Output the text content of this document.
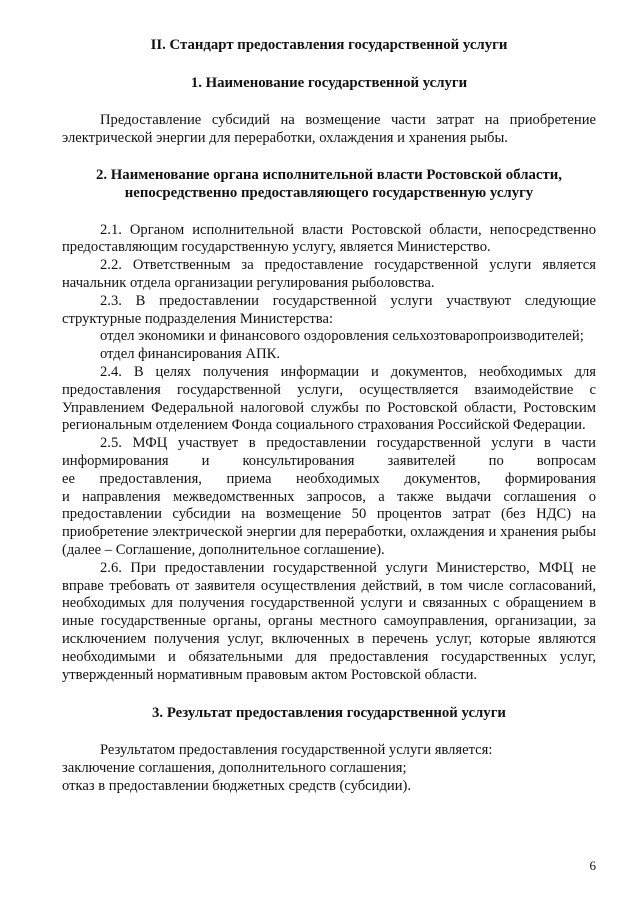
II. Стандарт предоставления государственной услуги
1. Наименование государственной услуги

Предоставление субсидий на возмещение части затрат на приобретение электрической энергии для переработки, охлаждения и хранения рыбы.

2. Наименование органа исполнительной власти Ростовской области,
непосредственно предоставляющего государственную услугу

2.1. Органом исполнительной власти Ростовской области, непосредственно предоставляющим государственную услугу, является Министерство.

2.2. Ответственным за предоставление государственной услуги является начальник отдела организации регулирования рыболовства.

2.3. В предоставлении государственной услуги участвуют следующие структурные подразделения Министерства:

отдел экономики и финансового оздоровления сельхозтоваропроизводителей;

отдел финансирования АПК.

2.4. В целях получения информации и документов, необходимых для предоставления государственной услуги, осуществляется взаимодействие с Управлением Федеральной налоговой службы по Ростовской области, Ростовским региональным отделением Фонда социального страхования Российской Федерации.

2.5. МФЦ участвует в предоставлении государственной услуги в части

информирования и консультирования заявителей по вопросам

ее предоставления, приема необходимых документов, формирования

и направления межведомственных запросов, а также выдачи соглашения о предоставлении субсидии на возмещение 50 процентов затрат (без НДС) на приобретение электрической энергии для переработки, охлаждения и хранения рыбы (далее – Соглашение, дополнительное соглашение).

2.6. При предоставлении государственной услуги Министерство, МФЦ не вправе требовать от заявителя осуществления действий, в том числе согласований, необходимых для получения государственной услуги и связанных с обращением в иные государственные органы, органы местного самоуправления, организации, за исключением получения услуг, включенных в перечень услуг, которые являются необходимыми и обязательными для предоставления государственных услуг, утвержденный нормативным правовым актом Ростовской области.

3. Результат предоставления государственной услуги

Результатом предоставления государственной услуги является:

заключение соглашения, дополнительного соглашения;

отказ в предоставлении бюджетных средств (субсидии).

6
